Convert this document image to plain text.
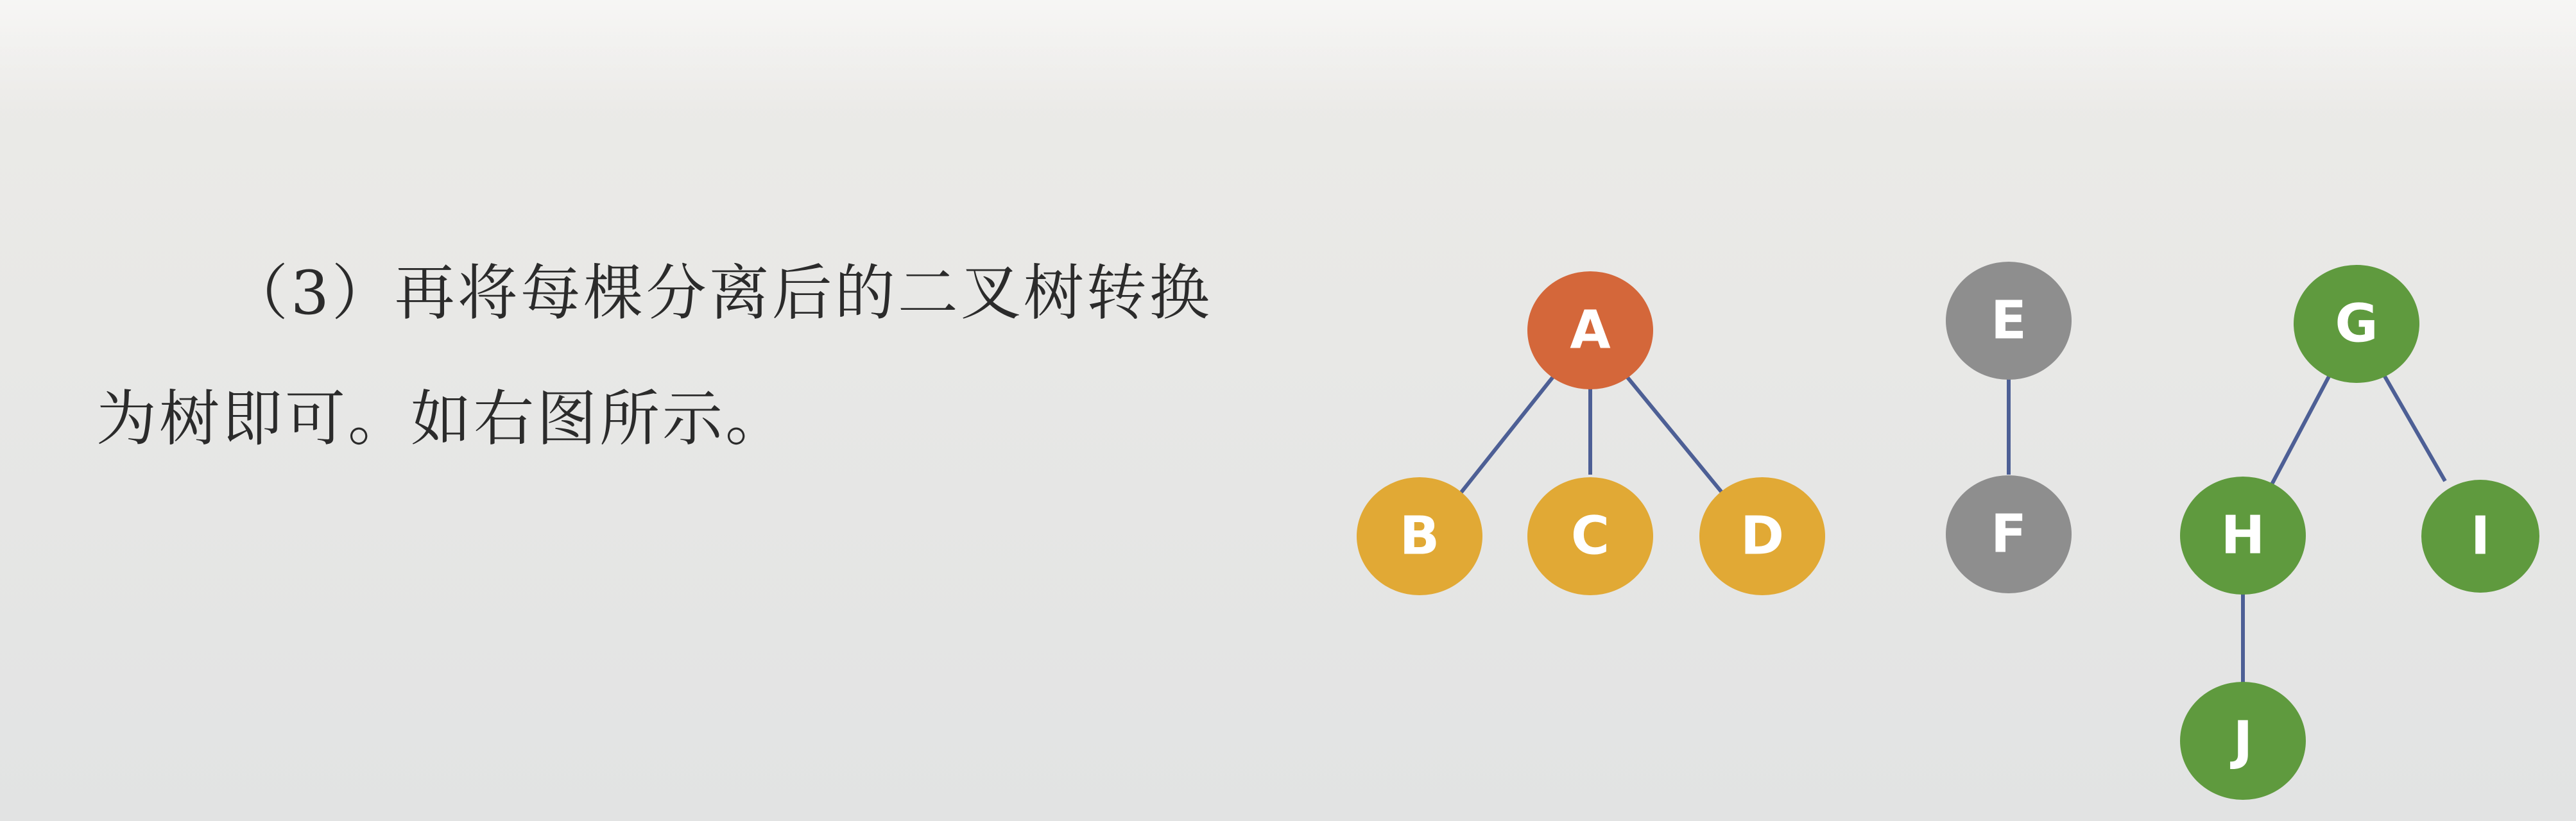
（3）再将每棵分离后的二叉树转换
为树即可。如右图所示。
A
B C D
E
F
G
H	I
J
